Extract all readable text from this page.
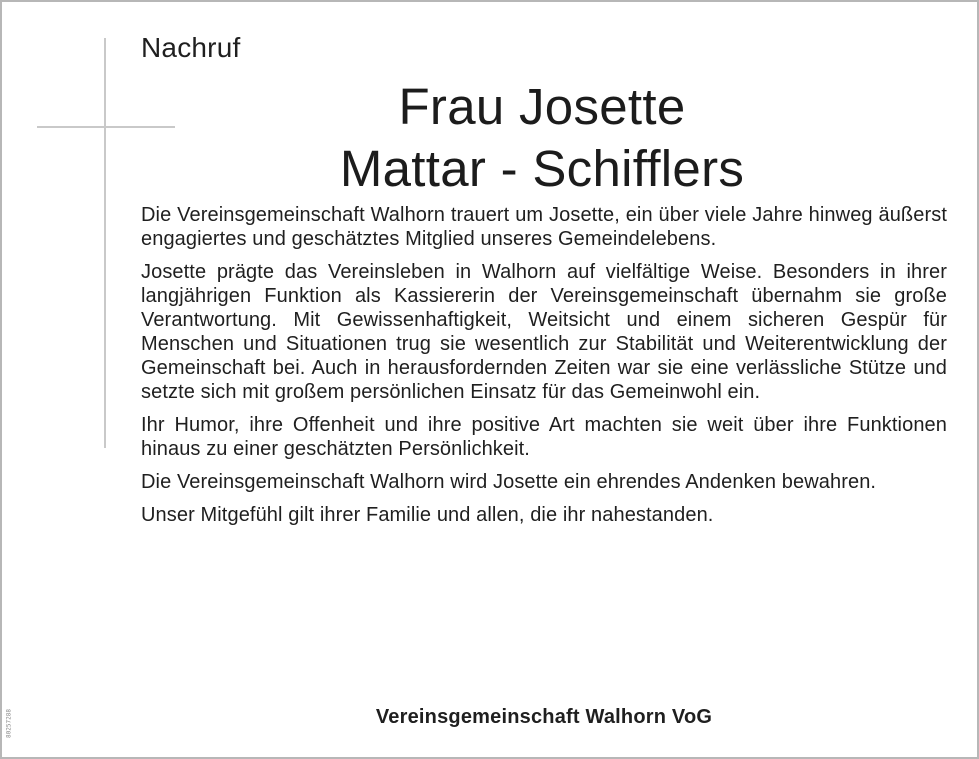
Nachruf
Frau Josette
Mattar - Schifflers

Die Vereinsgemeinschaft Walhorn trauert um Josette, ein über viele Jahre hinweg äußerst engagiertes und geschätztes Mitglied unseres Gemeindelebens.

Josette prägte das Vereinsleben in Walhorn auf vielfältige Weise. Besonders in ihrer langjährigen Funktion als Kassiererin der Vereinsgemeinschaft übernahm sie große Verantwortung. Mit Gewissenhaftigkeit, Weitsicht und einem sicheren Gespür für Menschen und Situationen trug sie wesentlich zur Stabilität und Weiterentwicklung der Gemeinschaft bei. Auch in herausfordernden Zeiten war sie eine verlässliche Stütze und setzte sich mit großem persönlichen Einsatz für das Gemeinwohl ein.

Ihr Humor, ihre Offenheit und ihre positive Art machten sie weit über ihre Funktionen hinaus zu einer geschätzten Persönlichkeit.

Die Vereinsgemeinschaft Walhorn wird Josette ein ehrendes Andenken bewahren.

Unser Mitgefühl gilt ihrer Familie und allen, die ihr nahestanden.

Vereinsgemeinschaft Walhorn VoG
80257288
